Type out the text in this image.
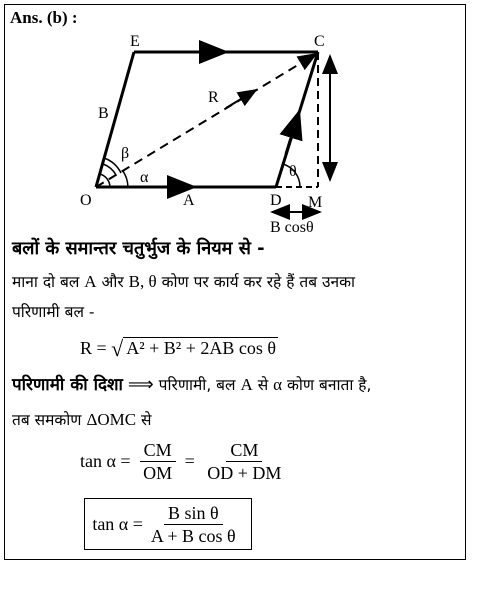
Ans. (b) :
E	C
O	A	D M
B
R
β
α	θ
B cosθ
बलों के समान्तर चतुर्भुज के नियम से -
माना दो बल A और B, θ कोण पर कार्य कर रहे हैं तब उनका
परिणामी बल -
R = √ A² + B² + 2AB cos θ
परिणामी की दिशा ⟹ परिणामी, बल A से α कोण बनाता है,
तब समकोण ΔOMC से
$\tan \alpha = \frac{CM}{OM} = \frac{CM}{OD + DM}$
$\tan \alpha = \frac{\text{B sin θ}}{\text{A + B cos θ}}$
